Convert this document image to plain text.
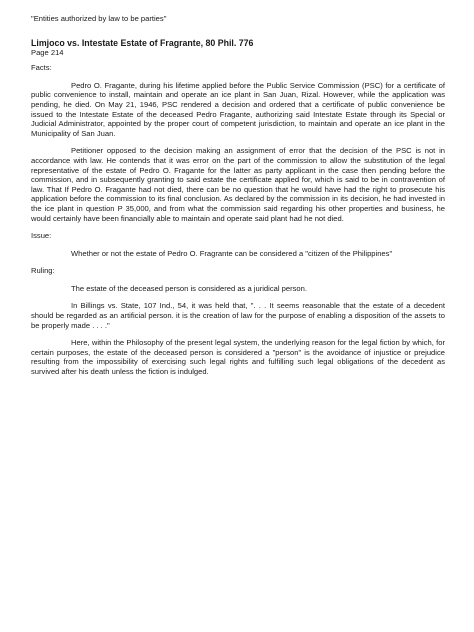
"Entities authorized by law to be parties"

Limjoco vs. Intestate Estate of Fragrante, 80 Phil. 776

Page 214

Facts:

Pedro O. Fragante, during his lifetime applied before the Public Service Commission (PSC) for a certificate of public convenience to install, maintain and operate an ice plant in San Juan, Rizal. However, while the application was pending, he died. On May 21, 1946, PSC rendered a decision and ordered that a certificate of public convenience be issued to the Intestate Estate of the deceased Pedro Fragante, authorizing said Intestate Estate through its Special or Judicial Administrator, appointed by the proper court of competent jurisdiction, to maintain and operate an ice plant in the Municipality of San Juan.

Petitioner opposed to the decision making an assignment of error that the decision of the PSC is not in accordance with law. He contends that it was error on the part of the commission to allow the substitution of the legal representative of the estate of Pedro O. Fragante for the latter as party applicant in the case then pending before the commission, and in subsequently granting to said estate the certificate applied for, which is said to be in contravention of law. That If Pedro O. Fragante had not died, there can be no question that he would have had the right to prosecute his application before the commission to its final conclusion. As declared by the commission in its decision, he had invested in the ice plant in question P 35,000, and from what the commission said regarding his other properties and business, he would certainly have been financially able to maintain and operate said plant had he not died.

Issue:

Whether or not the estate of Pedro O. Fragrante can be considered a "citizen of the Philippines"

Ruling:

The estate of the deceased person is considered as a juridical person.

In Billings vs. State, 107 Ind., 54, it was held that, ". . . It seems reasonable that the estate of a decedent should be regarded as an artificial person. it is the creation of law for the purpose of enabling a disposition of the assets to be properly made . . . ."

Here, within the Philosophy of the present legal system, the underlying reason for the legal fiction by which, for certain purposes, the estate of the deceased person is considered a "person" is the avoidance of injustice or prejudice resulting from the impossibility of exercising such legal rights and fulfilling such legal obligations of the decedent as survived after his death unless the fiction is indulged.
